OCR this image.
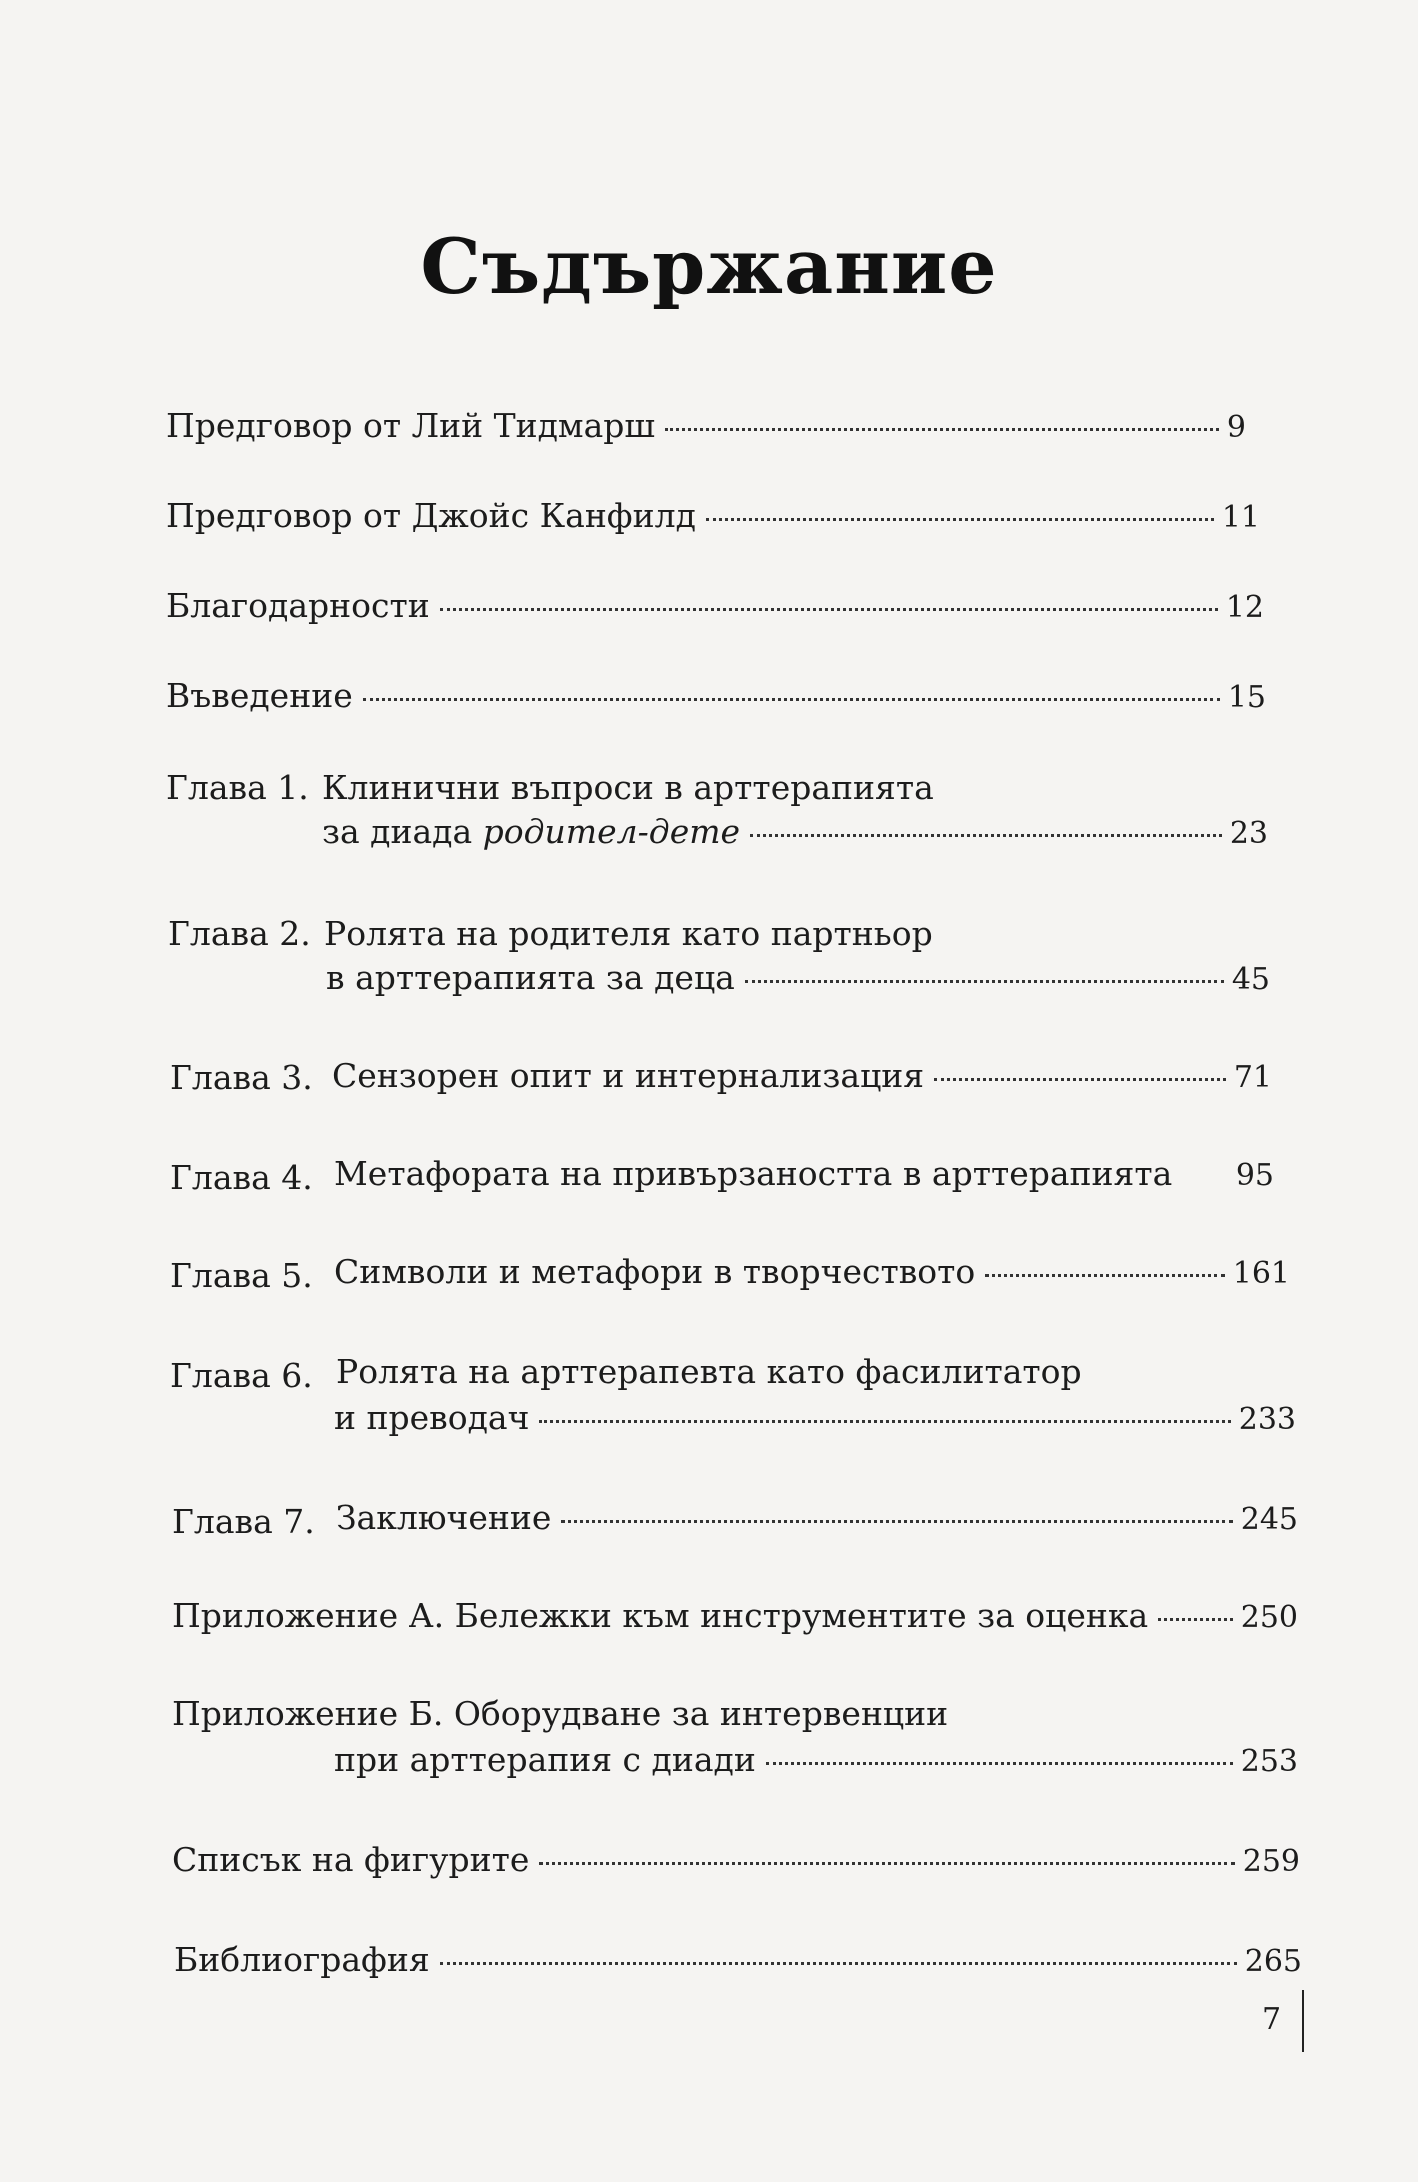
Съдържание
Предговор от Лий Тидмарш	9
Предговор от Джойс Канфилд	11
Благодарности	12
Въведение	15
Глава 1. Клинични въпроси в арттерапията
за диада родител-дете	23
Глава 2. Ролята на родителя като партньор
в арттерапията за деца	45
Глава 3. Сензорен опит и интернализация	71
Глава 4. Метафората на привързаността в арттерапията 95
Глава 5. Символи и метафори в творчеството	161
Глава 6. Ролята на арттерапевта като фасилитатор
и преводач	233
Глава 7. Заключение	245
Приложение А. Бележки към инструментите за оценка	250
Приложение Б. Оборудване за интервенции
при арттерапия с диади	253
Списък на фигурите	259
Библиография	265
7
